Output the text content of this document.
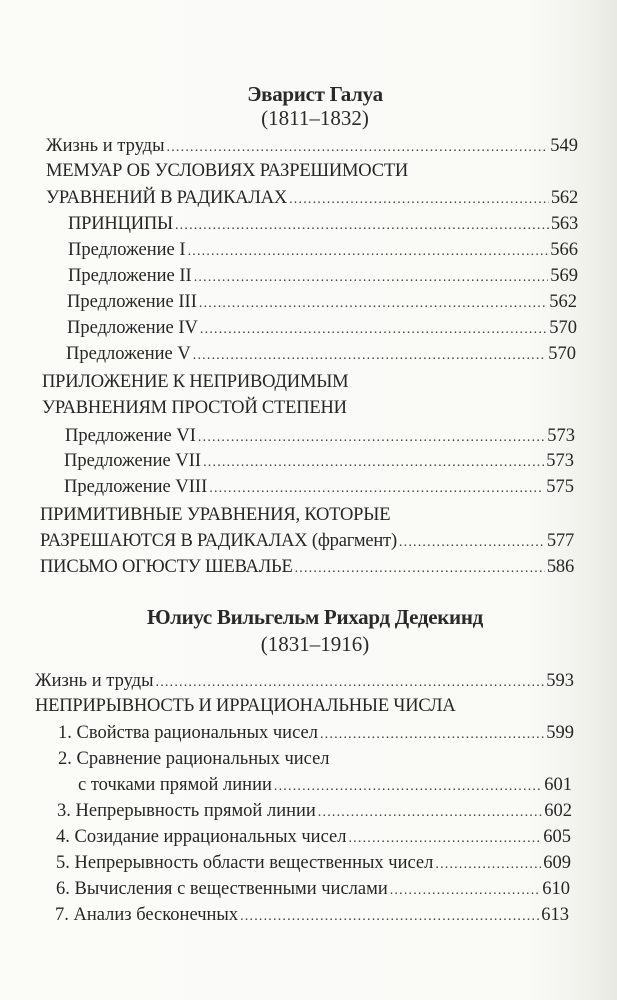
Эварист Галуа
(1811–1832)
Жизнь и труды .....	549
МЕМУАР ОБ УСЛОВИЯХ РАЗРЕШИМОСТИ
УРАВНЕНИЙ В РАДИКАЛАХ .....	562
ПРИНЦИПЫ .....	563
Предложение I .....	566
Предложение II .....	569
Предложение III .....	562
Предложение IV .....	570
Предложение V .....	570
ПРИЛОЖЕНИЕ К НЕПРИВОДИМЫМ
УРАВНЕНИЯМ ПРОСТОЙ СТЕПЕНИ
Предложение VI .....	573
Предложение VII .....	573
Предложение VIII .....	575
ПРИМИТИВНЫЕ УРАВНЕНИЯ, КОТОРЫЕ
РАЗРЕШАЮТСЯ В РАДИКАЛАХ (фрагмент) .....	577
ПИСЬМО ОГЮСТУ ШЕВАЛЬЕ .....	586
Юлиус Вильгельм Рихард Дедекинд
(1831–1916)
Жизнь и труды .....	593
НЕПРИРЫВНОСТЬ И ИРРАЦИОНАЛЬНЫЕ ЧИСЛА
1. Свойства рациональных чисел .....	599
2. Сравнение рациональных чисел
с точками прямой линии .....	601
3. Непрерывность прямой линии .....	602
4. Созидание иррациональных чисел .....	605
5. Непрерывность области вещественных чисел .....	609
6. Вычисления с вещественными числами .....	610
7. Анализ бесконечных .....	613
